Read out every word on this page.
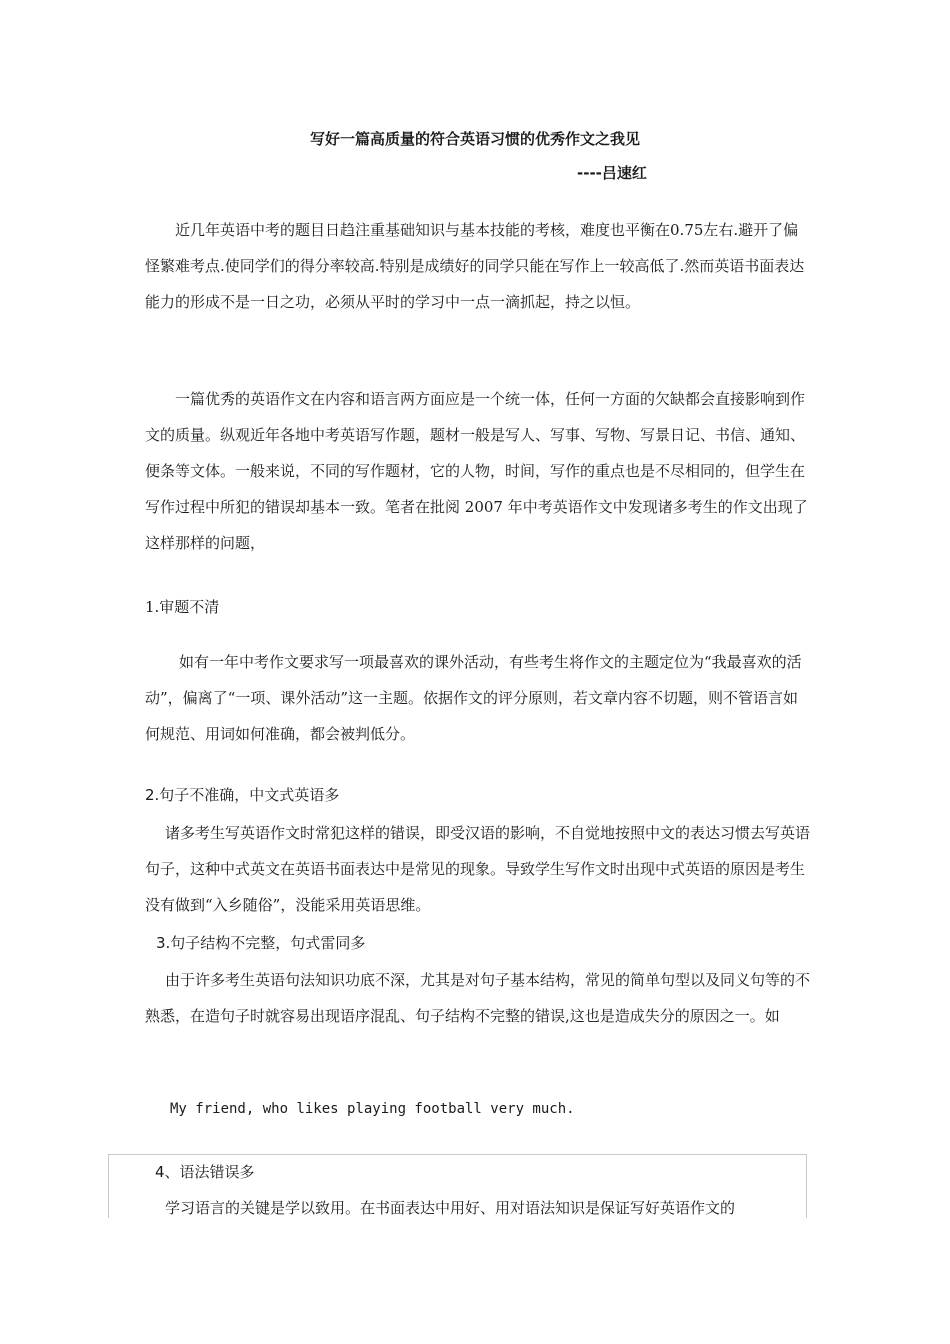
写好一篇高质量的符合英语习惯的优秀作文之我见
----吕速红

近几年英语中考的题目日趋注重基础知识与基本技能的考核，难度也平衡在0.75左右.避开了偏怪繁难考点.使同学们的得分率较高.特别是成绩好的同学只能在写作上一较高低了.然而英语书面表达能力的形成不是一日之功，必须从平时的学习中一点一滴抓起，持之以恒。

一篇优秀的英语作文在内容和语言两方面应是一个统一体，任何一方面的欠缺都会直接影响到作文的质量。纵观近年各地中考英语写作题，题材一般是写人、写事、写物、写景日记、书信、通知、便条等文体。一般来说，不同的写作题材，它的人物，时间，写作的重点也是不尽相同的，但学生在写作过程中所犯的错误却基本一致。笔者在批阅 2007 年中考英语作文中发现诸多考生的作文出现了这样那样的问题，

1.审题不清

如有一年中考作文要求写一项最喜欢的课外活动，有些考生将作文的主题定位为“我最喜欢的活动”，偏离了“一项、课外活动”这一主题。依据作文的评分原则，若文章内容不切题，则不管语言如何规范、用词如何准确，都会被判低分。

2.句子不准确，中文式英语多

诸多考生写英语作文时常犯这样的错误，即受汉语的影响，不自觉地按照中文的表达习惯去写英语句子，这种中式英文在英语书面表达中是常见的现象。导致学生写作文时出现中式英语的原因是考生没有做到“入乡随俗”，没能采用英语思维。

3.句子结构不完整，句式雷同多

由于许多考生英语句法知识功底不深，尤其是对句子基本结构，常见的简单句型以及同义句等的不熟悉，在造句子时就容易出现语序混乱、句子结构不完整的错误,这也是造成失分的原因之一。如

My friend, who likes playing football very much.
4、语法错误多
学习语言的关键是学以致用。在书面表达中用好、用对语法知识是保证写好英语作文的
